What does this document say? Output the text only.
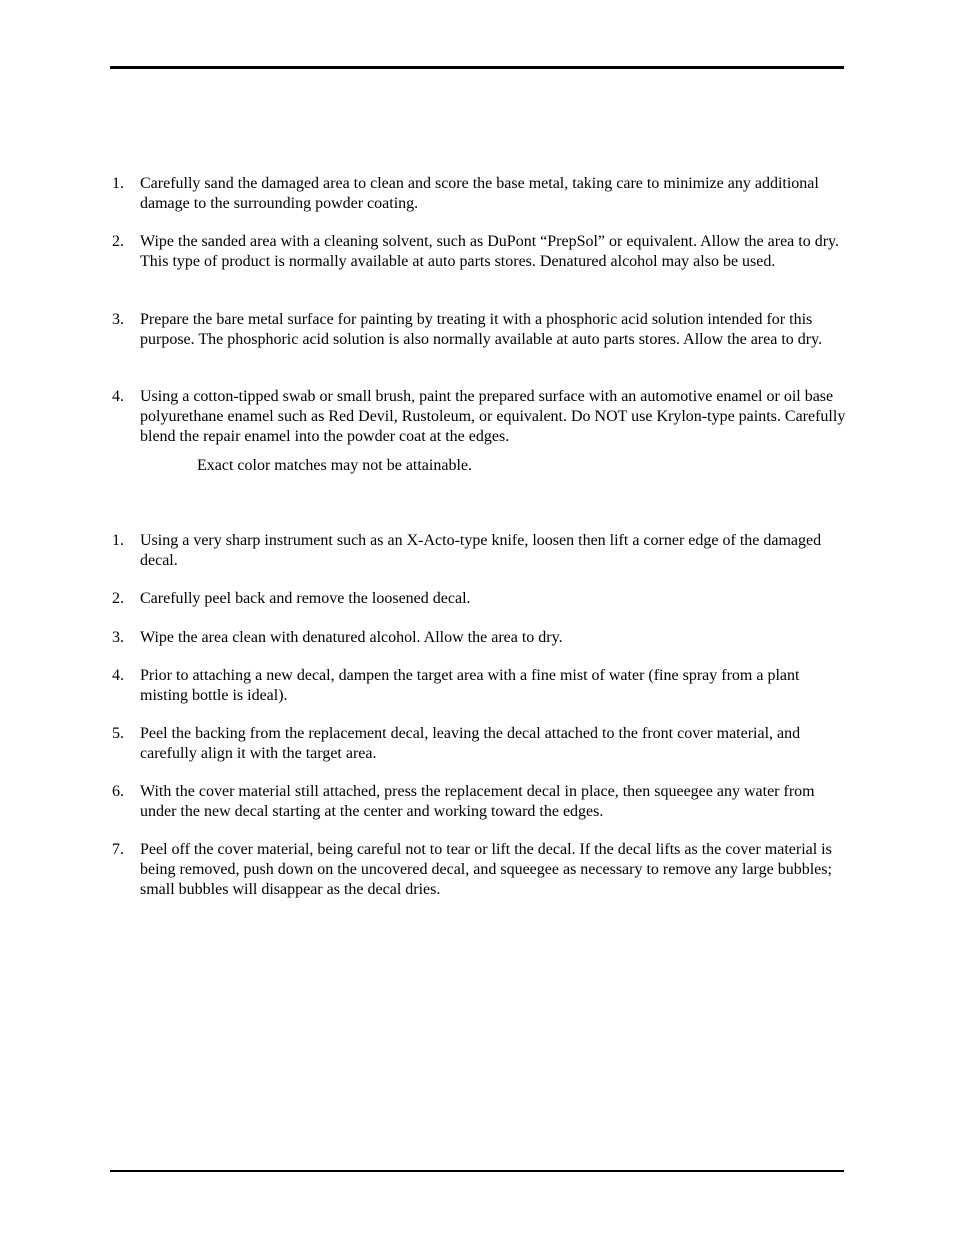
1.	Carefully sand the damaged area to clean and score the base metal, taking care to minimize any additional damage to the surrounding powder coating.
2.	Wipe the sanded area with a cleaning solvent, such as DuPont “PrepSol” or equivalent. Allow the area to dry. This type of product is normally available at auto parts stores. Denatured alcohol may also be used.
3.	Prepare the bare metal surface for painting by treating it with a phosphoric acid solution intended for this purpose. The phosphoric acid solution is also normally available at auto parts stores. Allow the area to dry.
4.	Using a cotton-tipped swab or small brush, paint the prepared surface with an automotive enamel or oil base polyurethane enamel such as Red Devil, Rustoleum, or equivalent. Do NOT use Krylon-type paints. Carefully blend the repair enamel into the powder coat at the edges.
Exact color matches may not be attainable.
1.	Using a very sharp instrument such as an X-Acto-type knife, loosen then lift a corner edge of the damaged decal.
2.	Carefully peel back and remove the loosened decal.
3.	Wipe the area clean with denatured alcohol. Allow the area to dry.
4.	Prior to attaching a new decal, dampen the target area with a fine mist of water (fine spray from a plant misting bottle is ideal).
5.	Peel the backing from the replacement decal, leaving the decal attached to the front cover material, and carefully align it with the target area.
6.	With the cover material still attached, press the replacement decal in place, then squeegee any water from under the new decal starting at the center and working toward the edges.
7.	Peel off the cover material, being careful not to tear or lift the decal. If the decal lifts as the cover material is being removed, push down on the uncovered decal, and squeegee as necessary to remove any large bubbles; small bubbles will disappear as the decal dries.
